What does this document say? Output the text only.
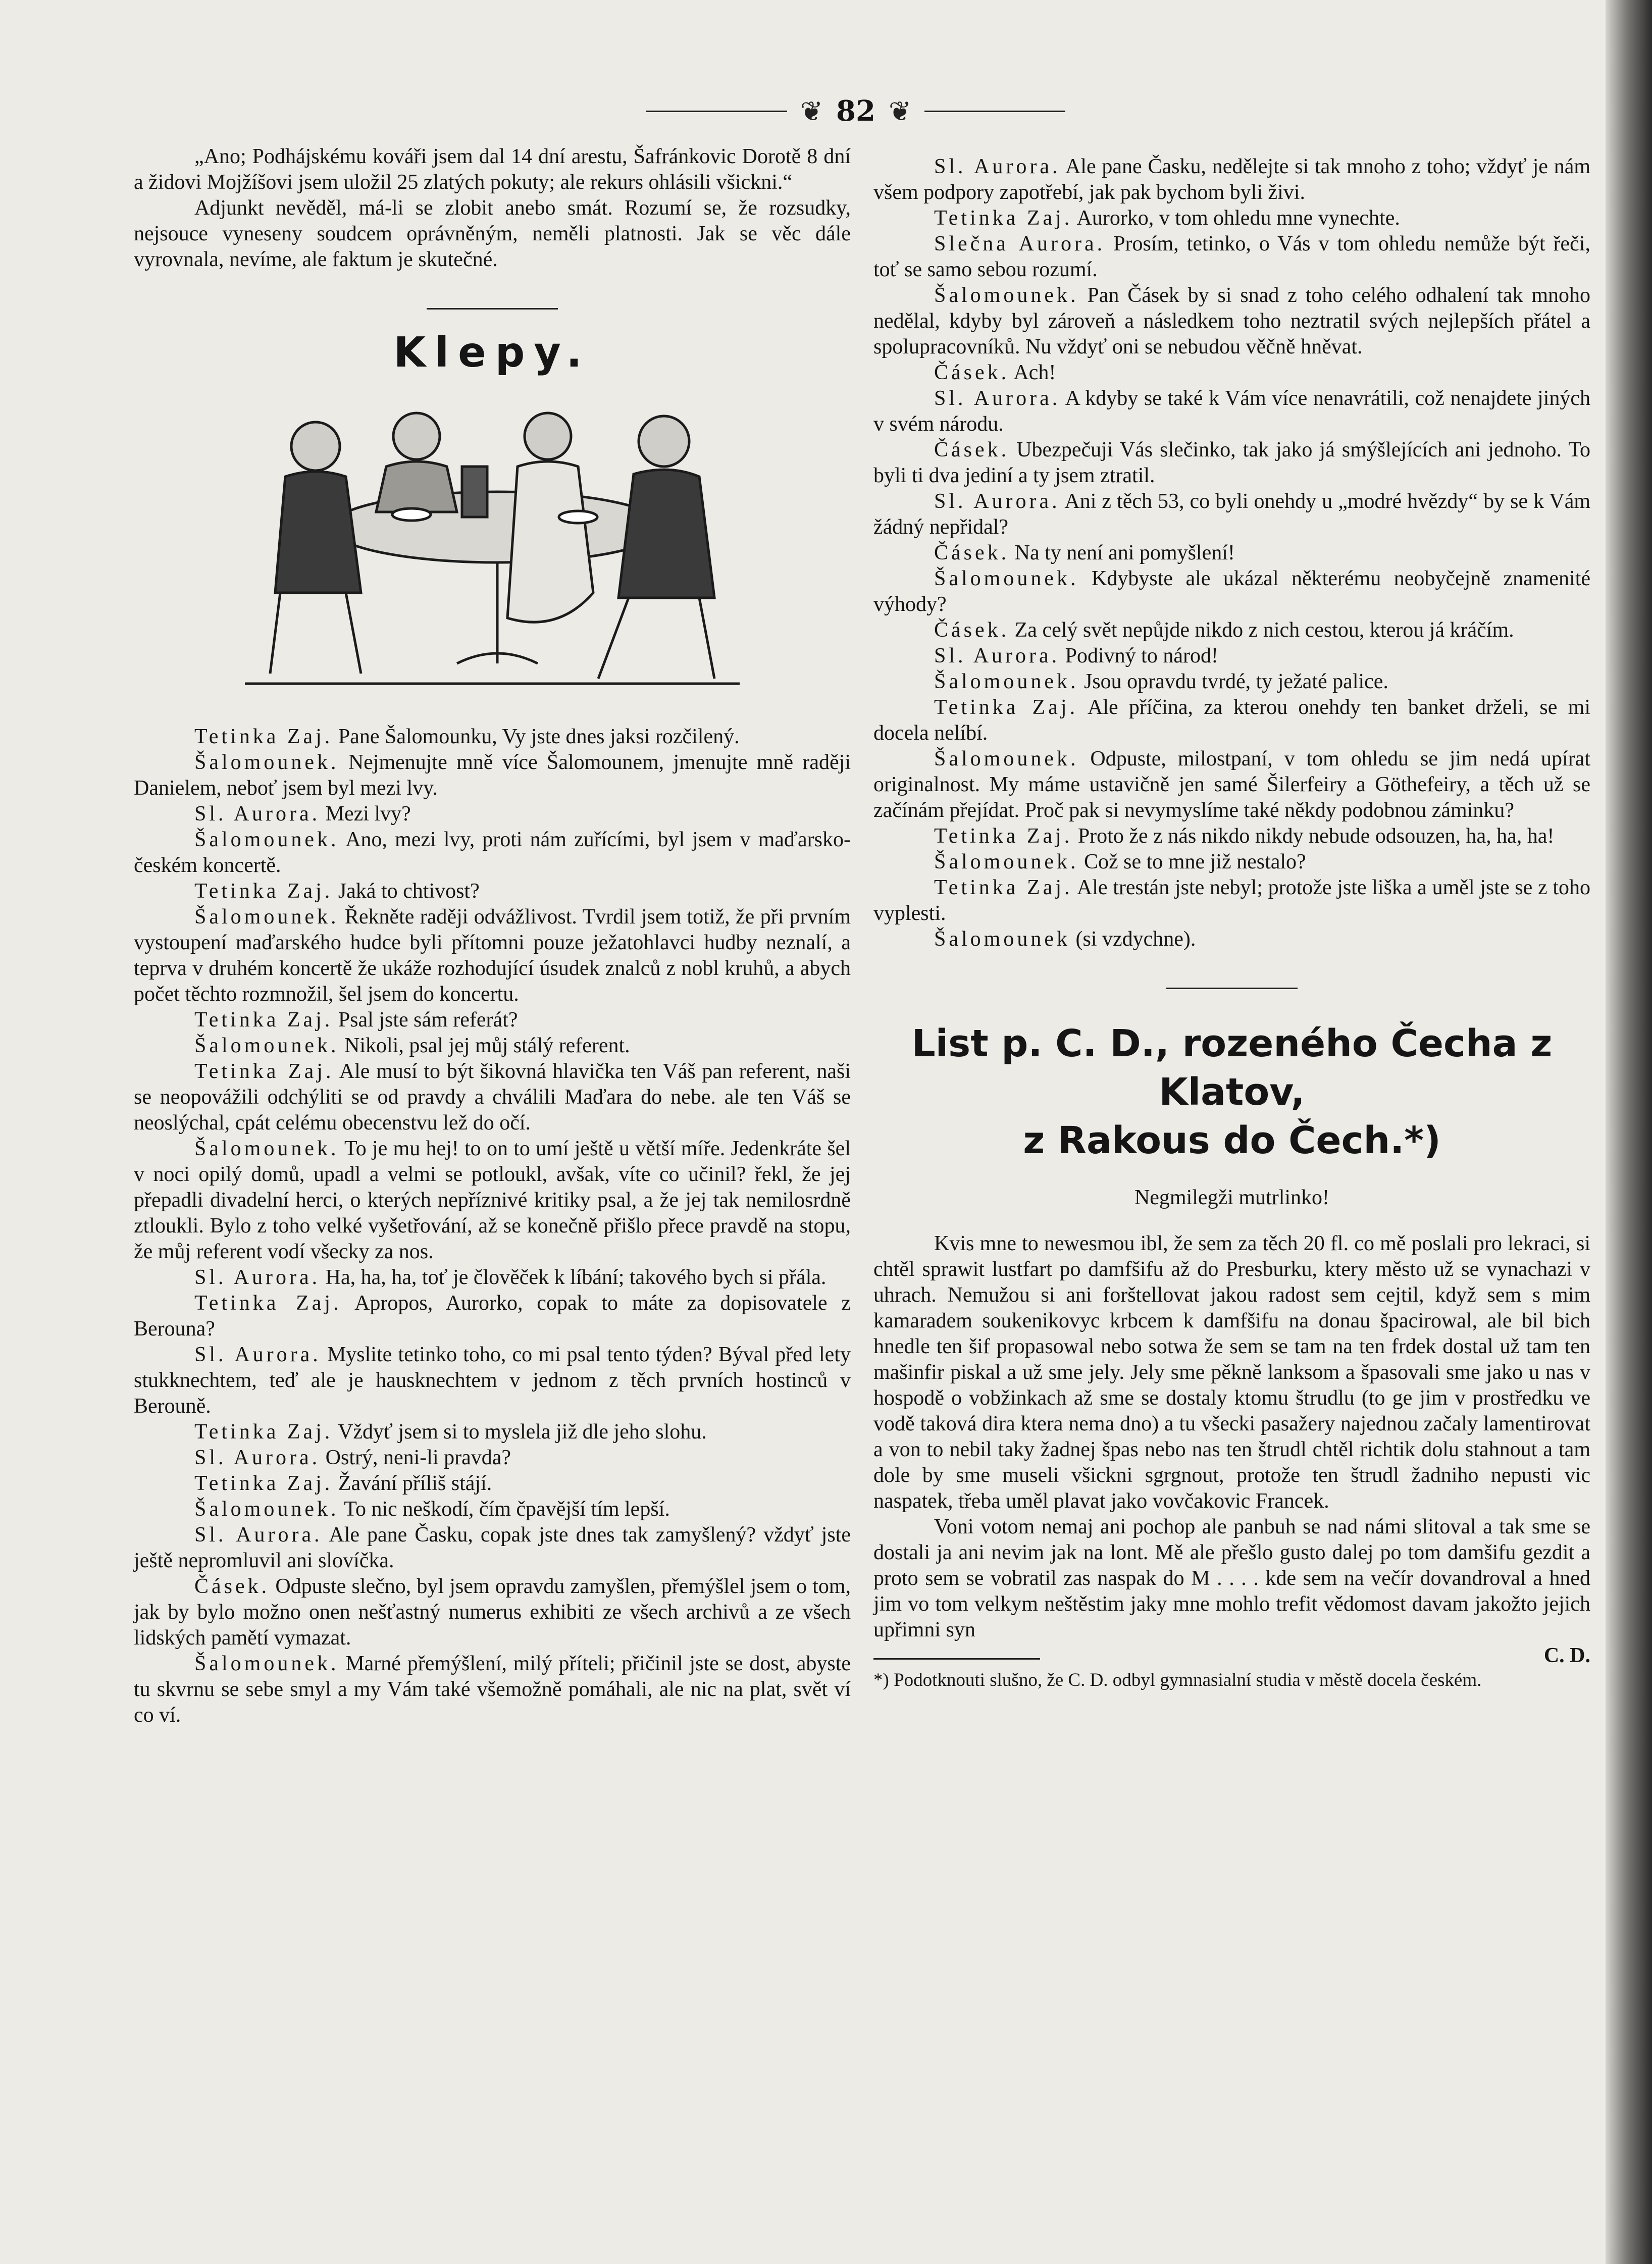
❦ 82 ❦

„Ano; Podhájskému kováři jsem dal 14 dní arestu, Šafránkovic Dorotě 8 dní a židovi Mojžíšovi jsem uložil 25 zlatých pokuty; ale rekurs ohlásili všickni.“

Adjunkt nevěděl, má-li se zlobit anebo smát. Rozumí se, že rozsudky, nejsouce vyneseny soudcem oprávněným, neměli platnosti. Jak se věc dále vyrovnala, nevíme, ale faktum je skutečné.

Klepy.

Tetinka Zaj. Pane Šalomounku, Vy jste dnes jaksi rozčilený.

Šalomounek. Nejmenujte mně více Šalomounem, jmenujte mně raději Danielem, neboť jsem byl mezi lvy.

Sl. Aurora. Mezi lvy?

Šalomounek. Ano, mezi lvy, proti nám zuřícími, byl jsem v maďarsko-českém koncertě.

Tetinka Zaj. Jaká to chtivost?

Šalomounek. Řekněte raději odvážlivost. Tvrdil jsem totiž, že při prvním vystoupení maďarského hudce byli přítomni pouze ježatohlavci hudby neznalí, a teprva v druhém koncertě že ukáže rozhodující úsudek znalců z nobl kruhů, a abych počet těchto rozmnožil, šel jsem do koncertu.

Tetinka Zaj. Psal jste sám referát?

Šalomounek. Nikoli, psal jej můj stálý referent.

Tetinka Zaj. Ale musí to být šikovná hlavička ten Váš pan referent, naši se neopovážili odchýliti se od pravdy a chválili Maďara do nebe. ale ten Váš se neoslýchal, cpát celému obecenstvu lež do očí.

Šalomounek. To je mu hej! to on to umí ještě u větší míře. Jedenkráte šel v noci opilý domů, upadl a velmi se potloukl, avšak, víte co učinil? řekl, že jej přepadli divadelní herci, o kterých nepříznivé kritiky psal, a že jej tak nemilosrdně ztloukli. Bylo z toho velké vyšetřování, až se konečně přišlo přece pravdě na stopu, že můj referent vodí všecky za nos.

Sl. Aurora. Ha, ha, ha, toť je člověček k líbání; takového bych si přála.

Tetinka Zaj. Apropos, Aurorko, copak to máte za dopisovatele z Berouna?

Sl. Aurora. Myslite tetinko toho, co mi psal tento týden? Býval před lety stukknechtem, teď ale je hausknechtem v jednom z těch prvních hostinců v Berouně.

Tetinka Zaj. Vždyť jsem si to myslela již dle jeho slohu.

Sl. Aurora. Ostrý, neni-li pravda?

Tetinka Zaj. Žavání příliš stájí.

Šalomounek. To nic neškodí, čím čpavější tím lepší.

Sl. Aurora. Ale pane Časku, copak jste dnes tak zamyšlený? vždyť jste ještě nepromluvil ani slovíčka.

Čásek. Odpuste slečno, byl jsem opravdu zamyšlen, přemýšlel jsem o tom, jak by bylo možno onen nešťastný numerus exhibiti ze všech archivů a ze všech lidských pamětí vymazat.

Šalomounek. Marné přemýšlení, milý příteli; přičinil jste se dost, abyste tu skvrnu se sebe smyl a my Vám také všemožně pomáhali, ale nic na plat, svět ví co ví.

Sl. Aurora. Ale pane Časku, nedělejte si tak mnoho z toho; vždyť je nám všem podpory zapotřebí, jak pak bychom byli živi.

Tetinka Zaj. Aurorko, v tom ohledu mne vynechte.

Slečna Aurora. Prosím, tetinko, o Vás v tom ohledu nemůže být řeči, toť se samo sebou rozumí.

Šalomounek. Pan Čásek by si snad z toho celého odhalení tak mnoho nedělal, kdyby byl zároveň a následkem toho neztratil svých nejlepších přátel a spolupracovníků. Nu vždyť oni se nebudou věčně hněvat.

Čásek. Ach!

Sl. Aurora. A kdyby se také k Vám více nenavrátili, což nenajdete jiných v svém národu.

Čásek. Ubezpečuji Vás slečinko, tak jako já smýšlejících ani jednoho. To byli ti dva jediní a ty jsem ztratil.

Sl. Aurora. Ani z těch 53, co byli onehdy u „modré hvězdy“ by se k Vám žádný nepřidal?

Čásek. Na ty není ani pomyšlení!

Šalomounek. Kdybyste ale ukázal některému neobyčejně znamenité výhody?

Čásek. Za celý svět nepůjde nikdo z nich cestou, kterou já kráčím.

Sl. Aurora. Podivný to národ!

Šalomounek. Jsou opravdu tvrdé, ty ježaté palice.

Tetinka Zaj. Ale příčina, za kterou onehdy ten banket drželi, se mi docela nelíbí.

Šalomounek. Odpuste, milostpaní, v tom ohledu se jim nedá upírat originalnost. My máme ustavičně jen samé Šilerfeiry a Göthefeiry, a těch už se začínám přejídat. Proč pak si nevymyslíme také někdy podobnou záminku?

Tetinka Zaj. Proto že z nás nikdo nikdy nebude odsouzen, ha, ha, ha!

Šalomounek. Což se to mne již nestalo?

Tetinka Zaj. Ale trestán jste nebyl; protože jste liška a uměl jste se z toho vyplesti.

Šalomounek (si vzdychne).

List p. C. D., rozeného Čecha z Klatov,
z Rakous do Čech.*)
Negmilegži mutrlinko!

Kvis mne to newesmou ibl, že sem za těch 20 fl. co mě poslali pro lekraci, si chtěl sprawit lustfart po damfšifu až do Presburku, ktery město už se vynachazi v uhrach. Nemužou si ani forštellovat jakou radost sem cejtil, když sem s mim kamaradem soukenikovyc krbcem k damfšifu na donau špacirowal, ale bil bich hnedle ten šif propasowal nebo sotwa že sem se tam na ten frdek dostal už tam ten mašinfir piskal a už sme jely. Jely sme pěkně lanksom a špasovali sme jako u nas v hospodě o vobžinkach až sme se dostaly ktomu štrudlu (to ge jim v prostředku ve vodě taková dira ktera nema dno) a tu všecki pasažery najednou začaly lamentirovat a von to nebil taky žadnej špas nebo nas ten štrudl chtěl richtik dolu stahnout a tam dole by sme museli všickni sgrgnout, protože ten štrudl žadniho nepusti vic naspatek, třeba uměl plavat jako vovčakovic Francek.

Voni votom nemaj ani pochop ale panbuh se nad námi slitoval a tak sme se dostali ja ani nevim jak na lont. Mě ale přešlo gusto dalej po tom damšifu gezdit a proto sem se vobratil zas naspak do M . . . . kde sem na večír dovandroval a hned jim vo tom velkym neštěstim jaky mne mohlo trefit vědomost davam jakožto jejich upřimni syn

C. D.

*) Podotknouti slušno, že C. D. odbyl gymnasialní studia v městě docela českém.
